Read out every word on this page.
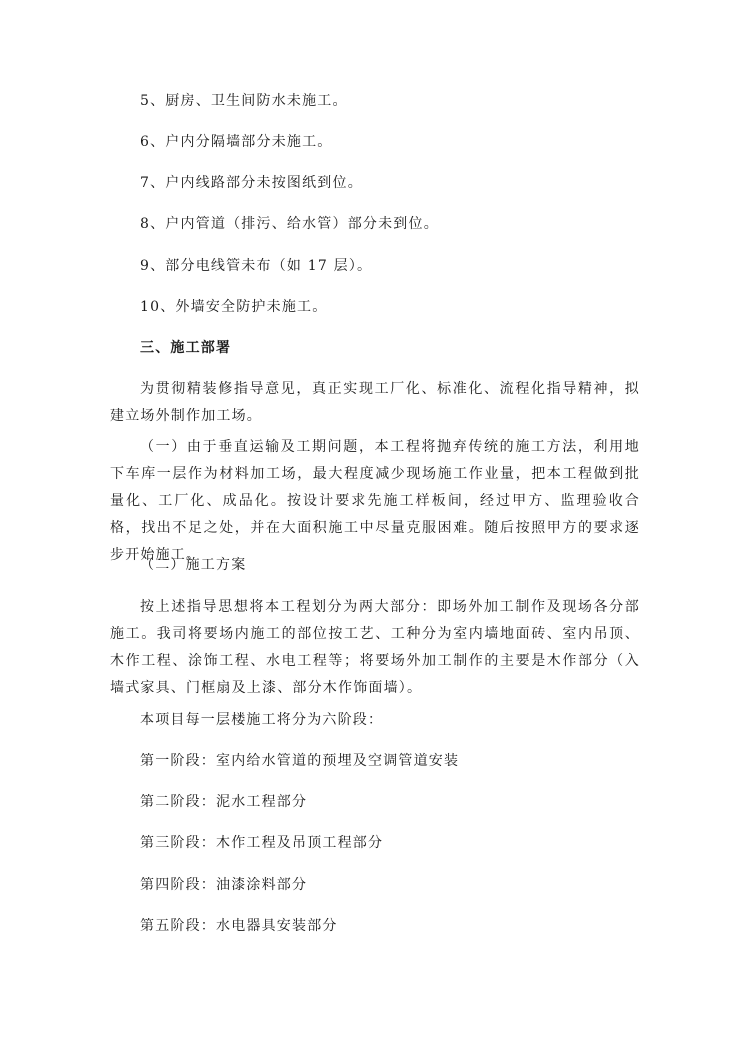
5、厨房、卫生间防水未施工。
6、户内分隔墙部分未施工。
7、户内线路部分未按图纸到位。
8、户内管道（排污、给水管）部分未到位。
9、部分电线管未布（如 17 层）。
10、外墙安全防护未施工。
三、施工部署
为贯彻精装修指导意见，真正实现工厂化、标准化、流程化指导精神，拟建立场外制作加工场。
（一）由于垂直运输及工期问题，本工程将抛弃传统的施工方法，利用地下车库一层作为材料加工场，最大程度减少现场施工作业量，把本工程做到批量化、工厂化、成品化。按设计要求先施工样板间，经过甲方、监理验收合格，找出不足之处，并在大面积施工中尽量克服困难。随后按照甲方的要求逐步开始施工。
（二）施工方案
按上述指导思想将本工程划分为两大部分：即场外加工制作及现场各分部施工。我司将要场内施工的部位按工艺、工种分为室内墙地面砖、室内吊顶、木作工程、涂饰工程、水电工程等；将要场外加工制作的主要是木作部分（入墙式家具、门框扇及上漆、部分木作饰面墙）。
本项目每一层楼施工将分为六阶段：
第一阶段：室内给水管道的预埋及空调管道安装
第二阶段：泥水工程部分
第三阶段：木作工程及吊顶工程部分
第四阶段：油漆涂料部分
第五阶段：水电器具安装部分
